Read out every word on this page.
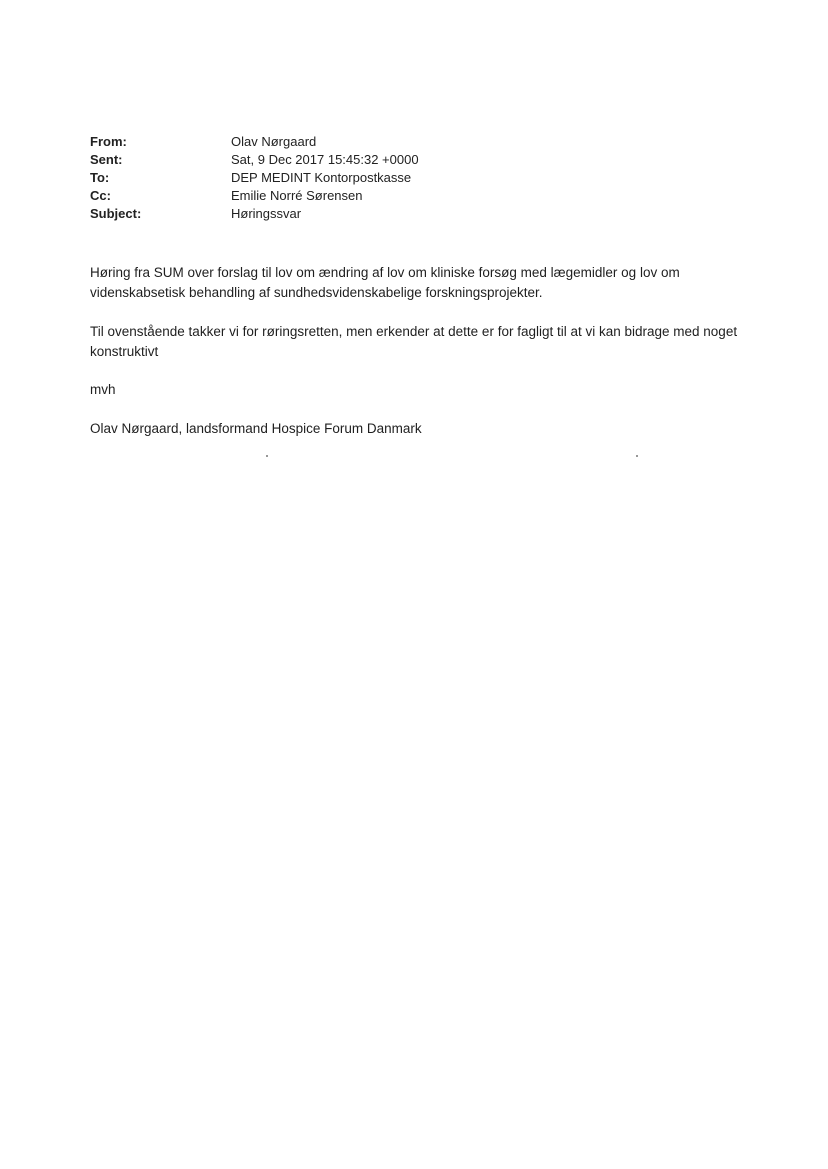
From:	Olav Nørgaard
Sent:	Sat, 9 Dec 2017 15:45:32 +0000
To:	DEP MEDINT Kontorpostkasse
Cc:	Emilie Norré Sørensen
Subject:	Høringssvar
Høring fra SUM over forslag til lov om ændring af lov om kliniske forsøg med lægemidler og lov om videnskabsetisk behandling af sundhedsvidenskabelige forskningsprojekter.
Til ovenstående takker vi for røringsretten, men erkender at dette er for fagligt til at vi kan bidrage med noget konstruktivt
mvh
Olav Nørgaard, landsformand Hospice Forum Danmark
